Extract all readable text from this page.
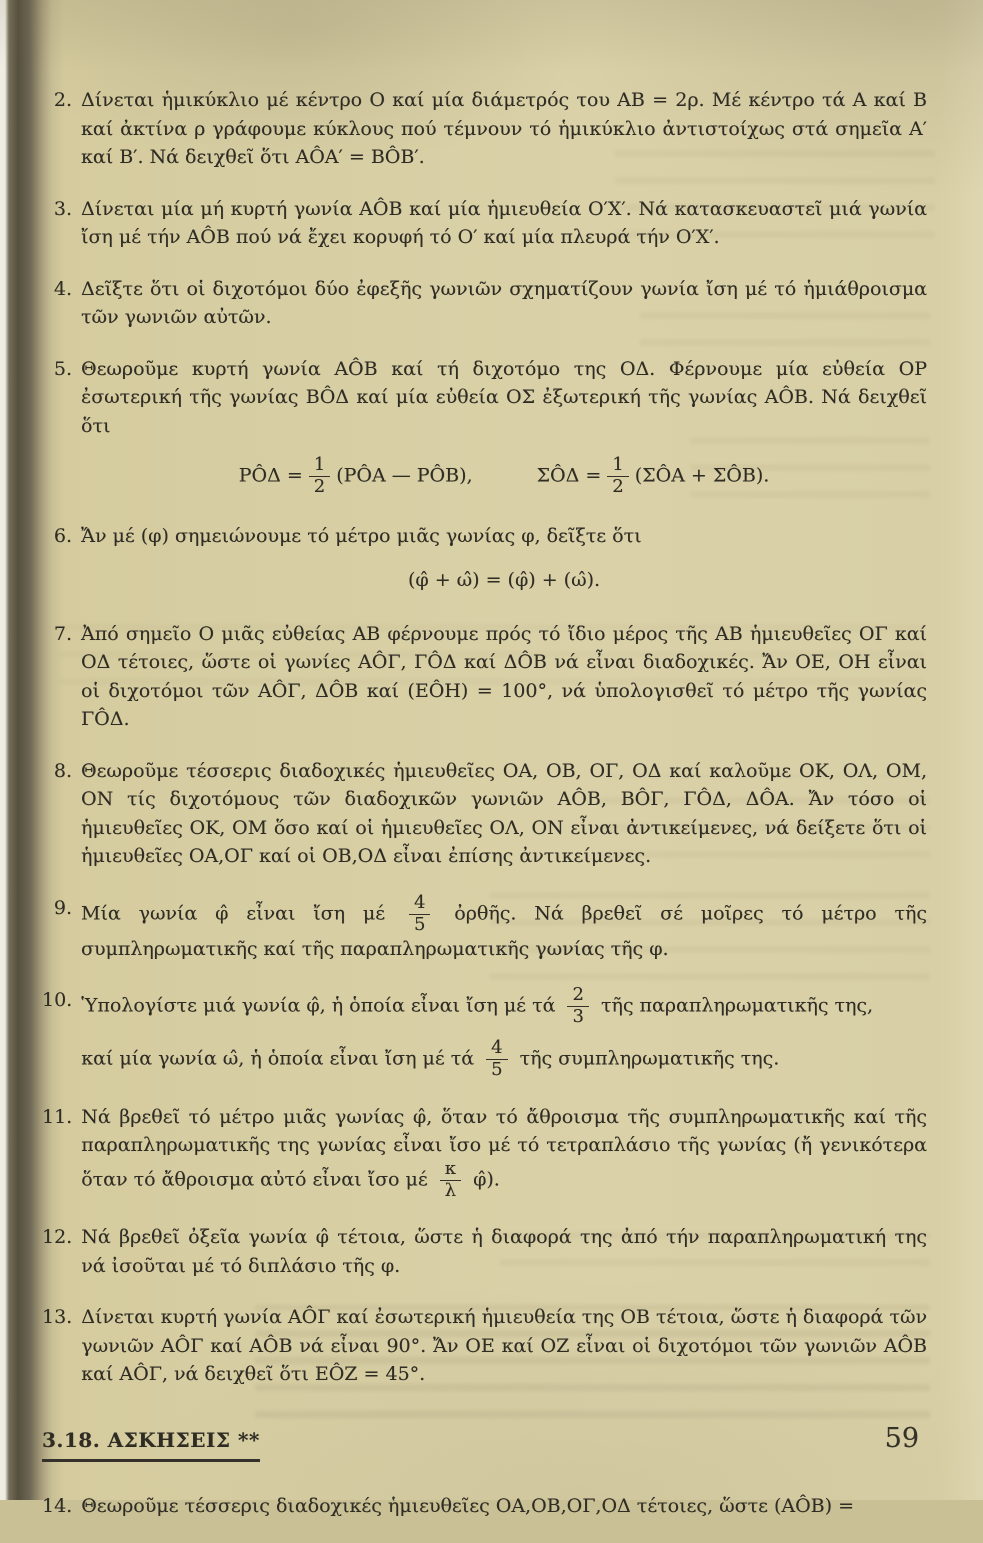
2. Δίνεται ἡμικύκλιο μέ κέντρο Ο καί μία διάμετρός του ΑΒ = 2ρ. Μέ κέντρο τά Α καί Β καί ἀκτίνα ρ γράφουμε κύκλους πού τέμνουν τό ἡμικύκλιο ἀντιστοίχως στά σημεῖα Α′ καί Β′. Νά δειχθεῖ ὅτι ΑÔΑ′ = ΒÔΒ′.
3. Δίνεται μία μή κυρτή γωνία ΑÔΒ καί μία ἡμιευθεία Ο′Χ′. Νά κατασκευαστεῖ μιά γωνία ἴση μέ τήν ΑÔΒ πού νά ἔχει κορυφή τό Ο′ καί μία πλευρά τήν Ο′Χ′.
4. Δεῖξτε ὅτι οἱ διχοτόμοι δύο ἐφεξῆς γωνιῶν σχηματίζουν γωνία ἴση μέ τό ἡμιάθροισμα τῶν γωνιῶν αὐτῶν.
5. Θεωροῦμε κυρτή γωνία ΑÔΒ καί τή διχοτόμο της ΟΔ. Φέρνουμε μία εὐθεία ΟΡ ἐσωτερική τῆς γωνίας ΒÔΔ καί μία εὐθεία ΟΣ ἐξωτερική τῆς γωνίας ΑÔΒ. Νά δειχθεῖ ὅτι
ΡÔΔ = $\frac{1}{2}$ (ΡÔΑ — ΡÔΒ),	ΣÔΔ = $\frac{1}{2}$ (ΣÔΑ + ΣÔΒ).
6. Ἄν μέ (φ) σημειώνουμε τό μέτρο μιᾶς γωνίας φ, δεῖξτε ὅτι
(φ̂ + ω̂) = (φ̂) + (ω̂).
7. Ἀπό σημεῖο Ο μιᾶς εὐθείας ΑΒ φέρνουμε πρός τό ἴδιο μέρος τῆς ΑΒ ἡμιευθεῖες ΟΓ καί ΟΔ τέτοιες, ὥστε οἱ γωνίες ΑÔΓ, ΓÔΔ καί ΔÔΒ νά εἶναι διαδοχικές. Ἄν ΟΕ, ΟΗ εἶναι οἱ διχοτόμοι τῶν ΑÔΓ, ΔÔΒ καί (ΕÔΗ) = 100°, νά ὑπολογισθεῖ τό μέτρο τῆς γωνίας ΓÔΔ.
8. Θεωροῦμε τέσσερις διαδοχικές ἡμιευθεῖες ΟΑ, ΟΒ, ΟΓ, ΟΔ καί καλοῦμε ΟΚ, ΟΛ, ΟΜ, ΟΝ τίς διχοτόμους τῶν διαδοχικῶν γωνιῶν ΑÔΒ, ΒÔΓ, ΓÔΔ, ΔÔΑ. Ἄν τόσο οἱ ἡμιευθεῖες ΟΚ, ΟΜ ὅσο καί οἱ ἡμιευθεῖες ΟΛ, ΟΝ εἶναι ἀντικείμενες, νά δείξετε ὅτι οἱ ἡμιευθεῖες ΟΑ,ΟΓ καί οἱ ΟΒ,ΟΔ εἶναι ἐπίσης ἀντικείμενες.
9. Μία γωνία φ̂ εἶναι ἴση μέ $\frac{4}{5}$ ὀρθῆς. Νά βρεθεῖ σέ μοῖρες τό μέτρο τῆς συμπληρωματικῆς καί τῆς παραπληρωματικῆς γωνίας τῆς φ.
10. Ὑπολογίστε μιά γωνία φ̂, ἡ ὁποία εἶναι ἴση μέ τά $\frac{2}{3}$ τῆς παραπληρωματικῆς της,
καί μία γωνία ω̂, ἡ ὁποία εἶναι ἴση μέ τά $\frac{4}{5}$ τῆς συμπληρωματικῆς της.
11. Νά βρεθεῖ τό μέτρο μιᾶς γωνίας φ̂, ὅταν τό ἄθροισμα τῆς συμπληρωματικῆς καί τῆς παραπληρωματικῆς της γωνίας εἶναι ἴσο μέ τό τετραπλάσιο τῆς γωνίας (ἤ γενικότερα ὅταν τό ἄθροισμα αὐτό εἶναι ἴσο μέ $\frac{\kappa}{\lambda}$ φ̂).
12. Νά βρεθεῖ ὀξεῖα γωνία φ̂ τέτοια, ὥστε ἡ διαφορά της ἀπό τήν παραπληρωματική της νά ἰσοῦται μέ τό διπλάσιο τῆς φ.
13. Δίνεται κυρτή γωνία ΑÔΓ καί ἐσωτερική ἡμιευθεία της ΟΒ τέτοια, ὥστε ἡ διαφορά τῶν γωνιῶν ΑÔΓ καί ΑÔΒ νά εἶναι 90°. Ἄν ΟΕ καί ΟΖ εἶναι οἱ διχοτόμοι τῶν γωνιῶν ΑÔΒ καί ΑÔΓ, νά δειχθεῖ ὅτι ΕÔΖ = 45°.
3.18. ΑΣΚΗΣΕΙΣ **
14. Θεωροῦμε τέσσερις διαδοχικές ἡμιευθεῖες ΟΑ,ΟΒ,ΟΓ,ΟΔ τέτοιες, ὥστε (ΑÔΒ) =
59
